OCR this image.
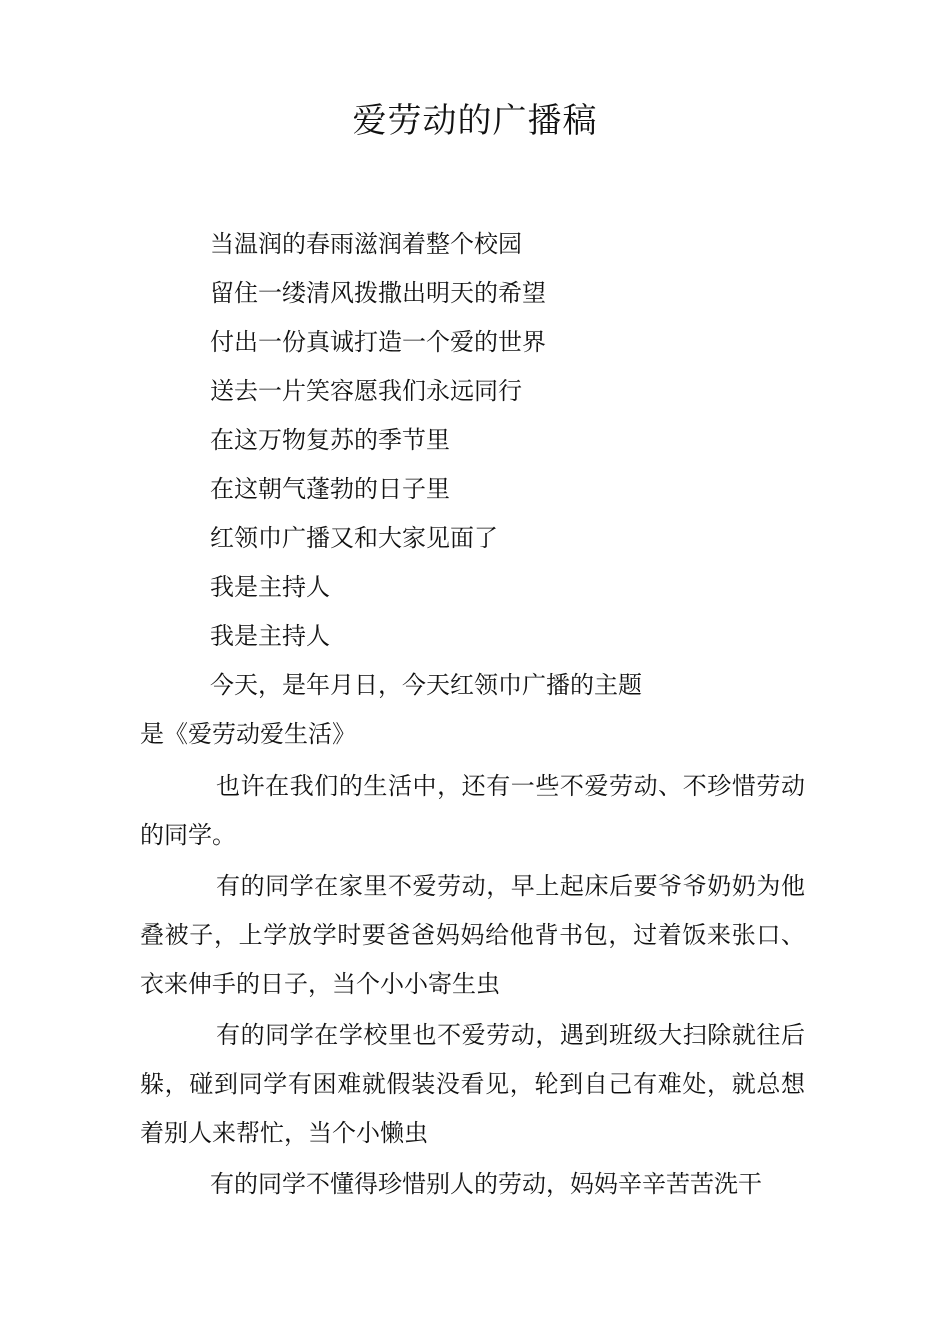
爱劳动的广播稿
当温润的春雨滋润着整个校园
留住一缕清风拨撒出明天的希望
付出一份真诚打造一个爱的世界
送去一片笑容愿我们永远同行
在这万物复苏的季节里
在这朝气蓬勃的日子里
红领巾广播又和大家见面了
我是主持人
我是主持人
今天，是年月日，今天红领巾广播的主题
是《爱劳动爱生活》

也许在我们的生活中，还有一些不爱劳动、不珍惜劳动的同学。

有的同学在家里不爱劳动，早上起床后要爷爷奶奶为他叠被子，上学放学时要爸爸妈妈给他背书包，过着饭来张口、衣来伸手的日子，当个小小寄生虫

有的同学在学校里也不爱劳动，遇到班级大扫除就往后躲，碰到同学有困难就假装没看见，轮到自己有难处，就总想着别人来帮忙，当个小懒虫

有的同学不懂得珍惜别人的劳动，妈妈辛辛苦苦洗干
